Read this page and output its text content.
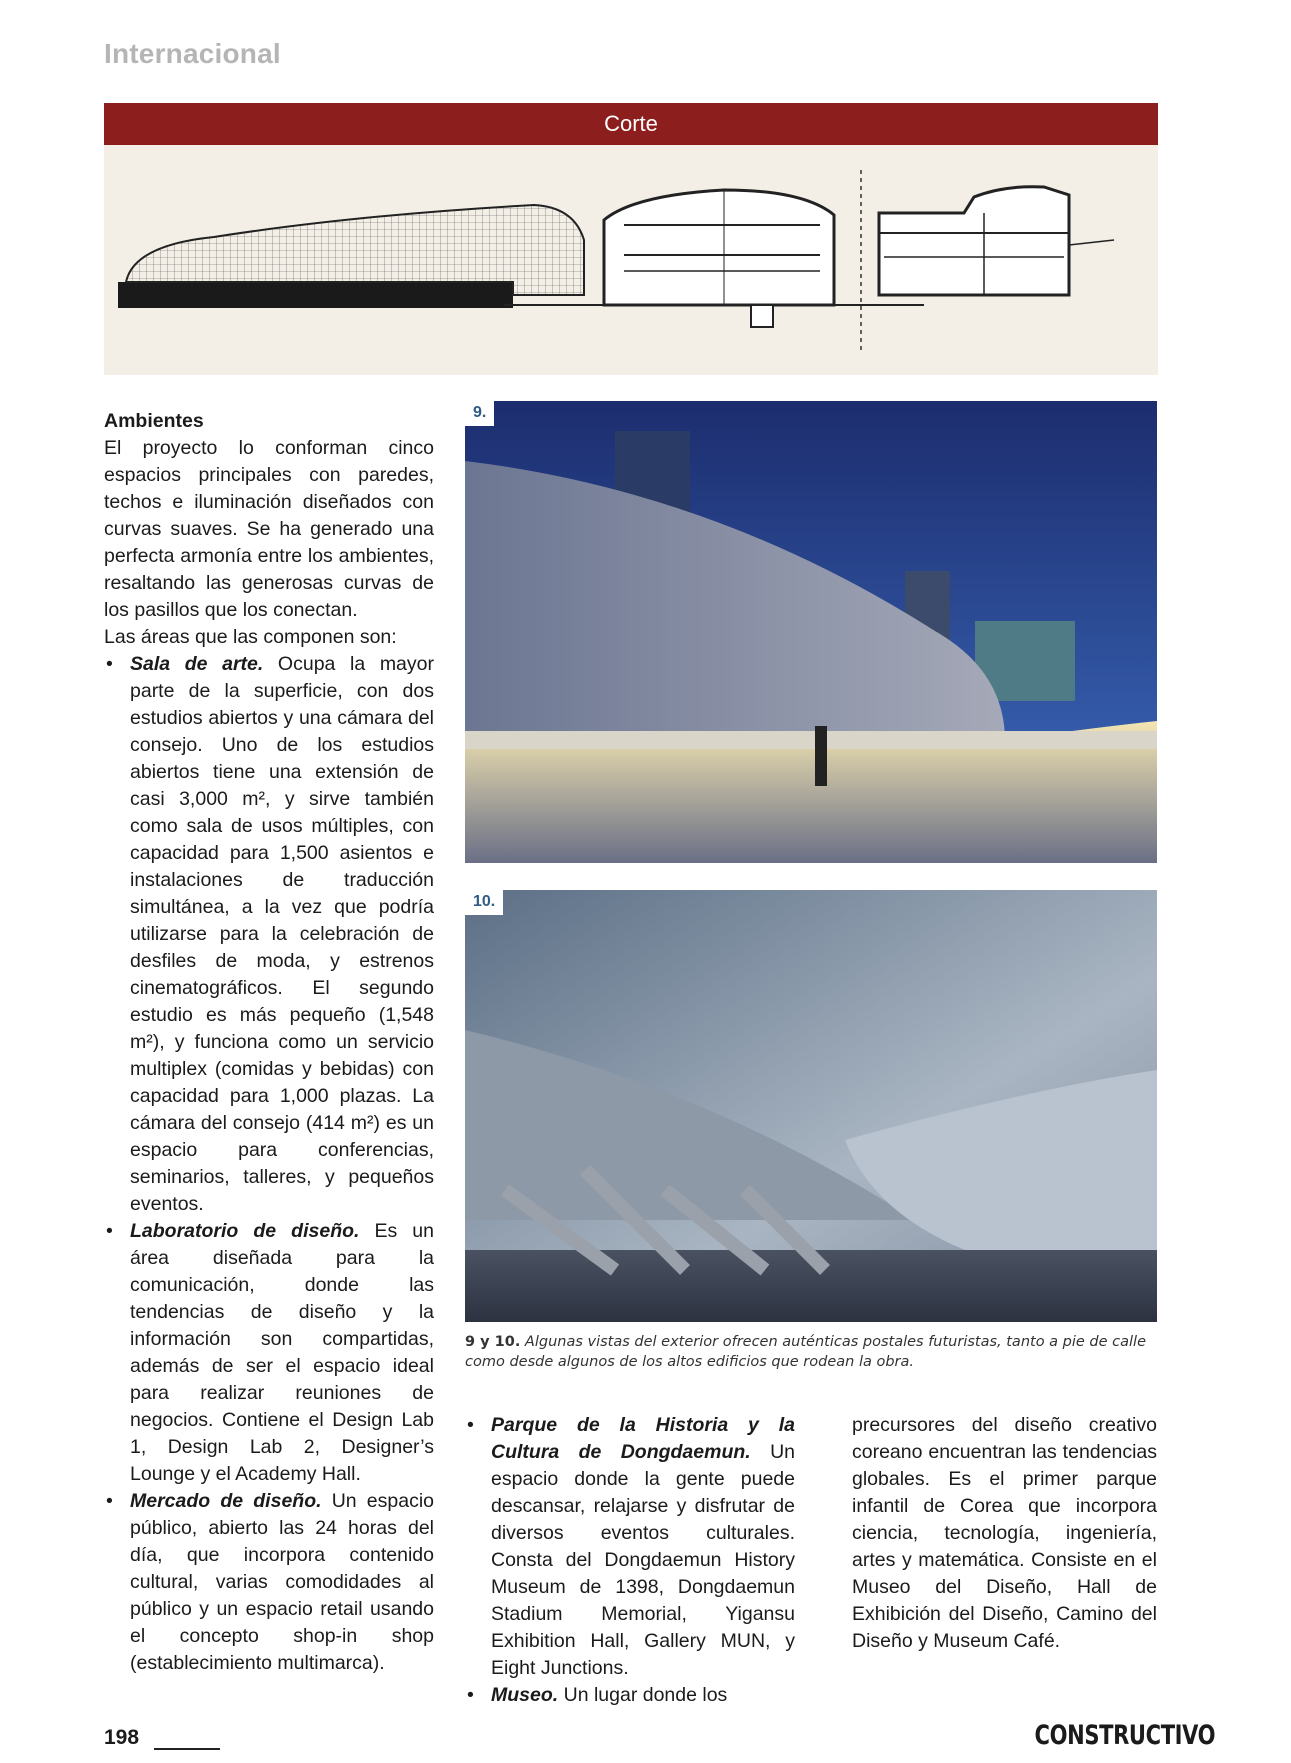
Internacional
Corte

Ambientes

El proyecto lo conforman cinco espacios principales con paredes, techos e iluminación diseñados con curvas suaves. Se ha generado una perfecta armonía entre los ambientes, resaltando las generosas curvas de los pasillos que los conectan.

Las áreas que las componen son:

• Sala de arte. Ocupa la mayor parte de la superficie, con dos estudios abiertos y una cámara del consejo. Uno de los estudios abiertos tiene una extensión de casi 3,000 m², y sirve también como sala de usos múltiples, con capacidad para 1,500 asientos e instalaciones de traducción simultánea, a la vez que podría utilizarse para la celebración de desfiles de moda, y estrenos cinematográficos. El segundo estudio es más pequeño (1,548 m²), y funciona como un servicio multiplex (comidas y bebidas) con capacidad para 1,000 plazas. La cámara del consejo (414 m²) es un espacio para conferencias, seminarios, talleres, y pequeños eventos.
• Laboratorio de diseño. Es un área diseñada para la comunicación, donde las tendencias de diseño y la información son compartidas, además de ser el espacio ideal para realizar reuniones de negocios. Contiene el Design Lab 1, Design Lab 2, Designer’s Lounge y el Academy Hall.
• Mercado de diseño. Un espacio público, abierto las 24 horas del día, que incorpora contenido cultural, varias comodidades al público y un espacio retail usando el concepto shop-in shop (establecimiento multimarca).
9.
10.
9 y 10. Algunas vistas del exterior ofrecen auténticas postales futuristas, tanto a pie de calle como desde algunos de los altos edificios que rodean la obra.
• Parque de la Historia y la Cultura de Dongdaemun. Un espacio donde la gente puede descansar, relajarse y disfrutar de diversos eventos culturales. Consta del Dongdaemun History Museum de 1398, Dongdaemun Stadium Memorial, Yigansu Exhibition Hall, Gallery MUN, y Eight Junctions.
• Museo. Un lugar donde los

precursores del diseño creativo coreano encuentran las tendencias globales. Es el primer parque infantil de Corea que incorpora ciencia, tecnología, ingeniería, artes y matemática. Consiste en el Museo del Diseño, Hall de Exhibición del Diseño, Camino del Diseño y Museum Café.

198	CONSTRUCTIVO
